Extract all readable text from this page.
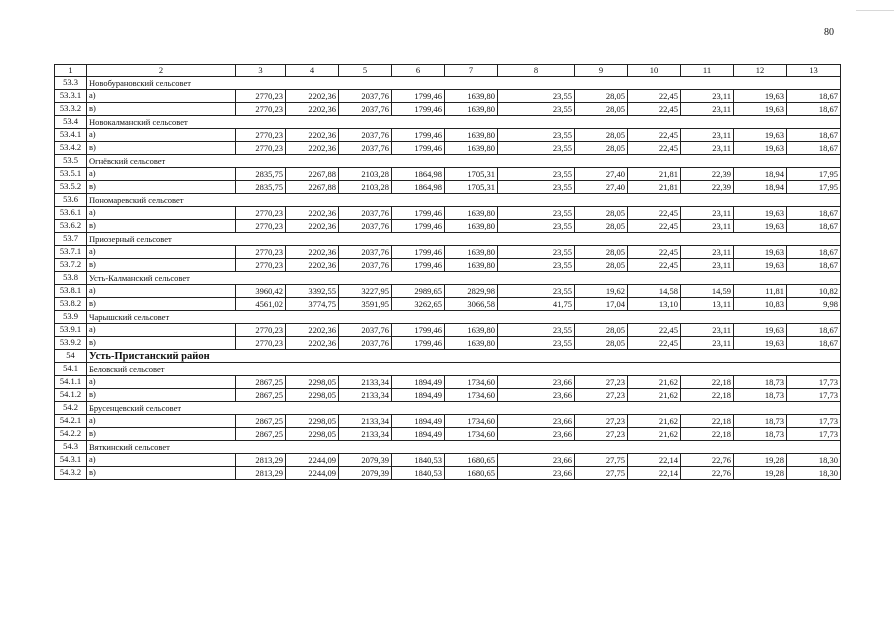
80
1	2	3	4	5	6	7	8	9	10	11	12	13
53.3	Новобурановский сельсовет											
53.3.1	а)	2770,23	2202,36	2037,76	1799,46	1639,80	23,55	28,05	22,45	23,11	19,63	18,67
53.3.2	в)	2770,23	2202,36	2037,76	1799,46	1639,80	23,55	28,05	22,45	23,11	19,63	18,67
53.4	Новокалманский сельсовет											
53.4.1	а)	2770,23	2202,36	2037,76	1799,46	1639,80	23,55	28,05	22,45	23,11	19,63	18,67
53.4.2	в)	2770,23	2202,36	2037,76	1799,46	1639,80	23,55	28,05	22,45	23,11	19,63	18,67
53.5	Огнёвский сельсовет											
53.5.1	а)	2835,75	2267,88	2103,28	1864,98	1705,31	23,55	27,40	21,81	22,39	18,94	17,95
53.5.2	в)	2835,75	2267,88	2103,28	1864,98	1705,31	23,55	27,40	21,81	22,39	18,94	17,95
53.6	Пономаревский сельсовет											
53.6.1	а)	2770,23	2202,36	2037,76	1799,46	1639,80	23,55	28,05	22,45	23,11	19,63	18,67
53.6.2	в)	2770,23	2202,36	2037,76	1799,46	1639,80	23,55	28,05	22,45	23,11	19,63	18,67
53.7	Приозерный сельсовет											
53.7.1	а)	2770,23	2202,36	2037,76	1799,46	1639,80	23,55	28,05	22,45	23,11	19,63	18,67
53.7.2	в)	2770,23	2202,36	2037,76	1799,46	1639,80	23,55	28,05	22,45	23,11	19,63	18,67
53.8	Усть-Калманский сельсовет											
53.8.1	а)	3960,42	3392,55	3227,95	2989,65	2829,98	23,55	19,62	14,58	14,59	11,81	10,82
53.8.2	в)	4561,02	3774,75	3591,95	3262,65	3066,58	41,75	17,04	13,10	13,11	10,83	9,98
53.9	Чарышский сельсовет											
53.9.1	а)	2770,23	2202,36	2037,76	1799,46	1639,80	23,55	28,05	22,45	23,11	19,63	18,67
53.9.2	в)	2770,23	2202,36	2037,76	1799,46	1639,80	23,55	28,05	22,45	23,11	19,63	18,67
54	Усть-Пристанский район											
54.1	Беловский сельсовет											
54.1.1	а)	2867,25	2298,05	2133,34	1894,49	1734,60	23,66	27,23	21,62	22,18	18,73	17,73
54.1.2	в)	2867,25	2298,05	2133,34	1894,49	1734,60	23,66	27,23	21,62	22,18	18,73	17,73
54.2	Брусенцевский сельсовет											
54.2.1	а)	2867,25	2298,05	2133,34	1894,49	1734,60	23,66	27,23	21,62	22,18	18,73	17,73
54.2.2	в)	2867,25	2298,05	2133,34	1894,49	1734,60	23,66	27,23	21,62	22,18	18,73	17,73
54.3	Вяткинский сельсовет											
54.3.1	а)	2813,29	2244,09	2079,39	1840,53	1680,65	23,66	27,75	22,14	22,76	19,28	18,30
54.3.2	в)	2813,29	2244,09	2079,39	1840,53	1680,65	23,66	27,75	22,14	22,76	19,28	18,30
